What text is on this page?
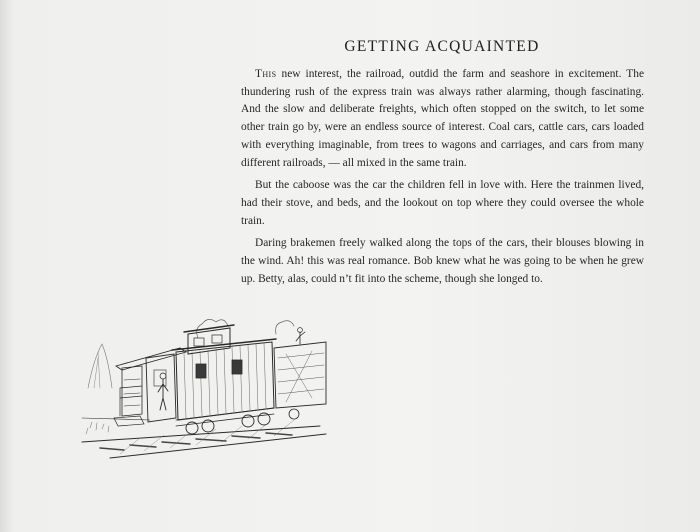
GETTING ACQUAINTED

This new interest, the railroad, outdid the farm and seashore in excitement. The thundering rush of the express train was always rather alarming, though fascinating. And the slow and deliberate freights, which often stopped on the switch, to let some other train go by, were an endless source of interest. Coal cars, cattle cars, cars loaded with everything imaginable, from trees to wagons and carriages, and cars from many different railroads, — all mixed in the same train.

But the caboose was the car the children fell in love with. Here the trainmen lived, had their stove, and beds, and the lookout on top where they could oversee the whole train.

Daring brakemen freely walked along the tops of the cars, their blouses blowing in the wind. Ah! this was real romance. Bob knew what he was going to be when he grew up. Betty, alas, could n’t fit into the scheme, though she longed to.
